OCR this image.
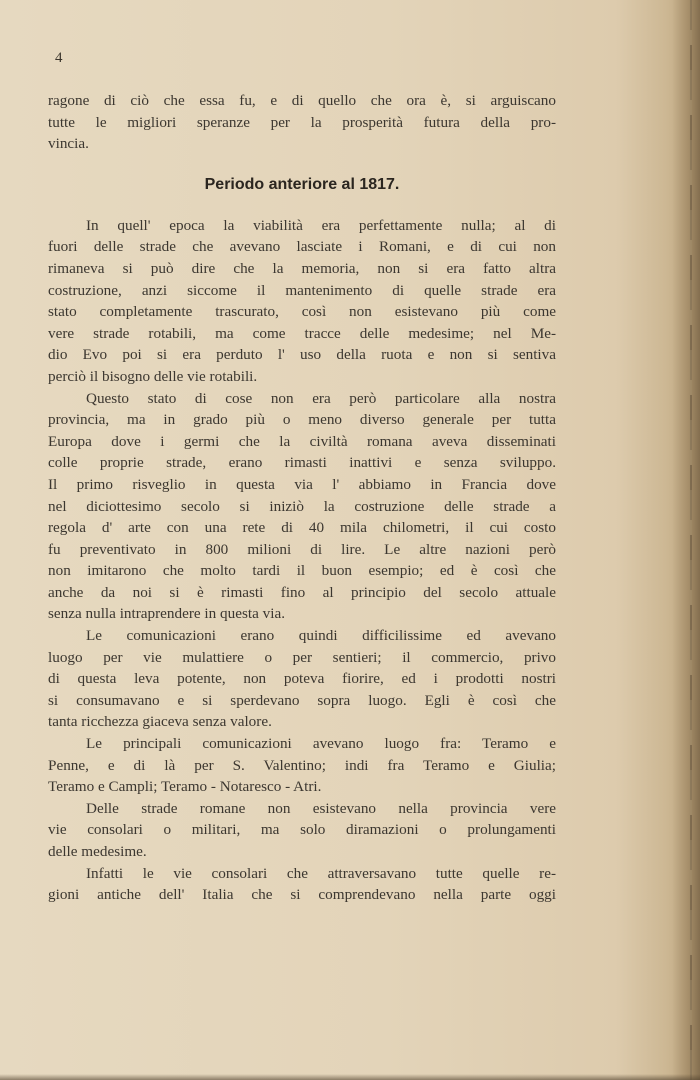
4
ragone di ciò che essa fu, e di quello che ora è, si arguiscano
tutte le migliori speranze per la prosperità futura della pro-
vincia.
Periodo anteriore al 1817.
In quell' epoca la viabilità era perfettamente nulla; al di
fuori delle strade che avevano lasciate i Romani, e di cui non
rimaneva si può dire che la memoria, non si era fatto altra
costruzione, anzi siccome il mantenimento di quelle strade era
stato completamente trascurato, così non esistevano più come
vere strade rotabili, ma come tracce delle medesime; nel Me-
dio Evo poi si era perduto l' uso della ruota e non si sentiva
perciò il bisogno delle vie rotabili.
Questo stato di cose non era però particolare alla nostra
provincia, ma in grado più o meno diverso generale per tutta
Europa dove i germi che la civiltà romana aveva disseminati
colle proprie strade, erano rimasti inattivi e senza sviluppo.
Il primo risveglio in questa via l' abbiamo in Francia dove
nel diciottesimo secolo si iniziò la costruzione delle strade a
regola d' arte con una rete di 40 mila chilometri, il cui costo
fu preventivato in 800 milioni di lire. Le altre nazioni però
non imitarono che molto tardi il buon esempio; ed è così che
anche da noi si è rimasti fino al principio del secolo attuale
senza nulla intraprendere in questa via.
Le comunicazioni erano quindi difficilissime ed avevano
luogo per vie mulattiere o per sentieri; il commercio, privo
di questa leva potente, non poteva fiorire, ed i prodotti nostri
si consumavano e si sperdevano sopra luogo. Egli è così che
tanta ricchezza giaceva senza valore.
Le principali comunicazioni avevano luogo fra: Teramo e
Penne, e di là per S. Valentino; indi fra Teramo e Giulia;
Teramo e Campli; Teramo - Notaresco - Atri.
Delle strade romane non esistevano nella provincia vere
vie consolari o militari, ma solo diramazioni o prolungamenti
delle medesime.
Infatti le vie consolari che attraversavano tutte quelle re-
gioni antiche dell' Italia che si comprendevano nella parte oggi
